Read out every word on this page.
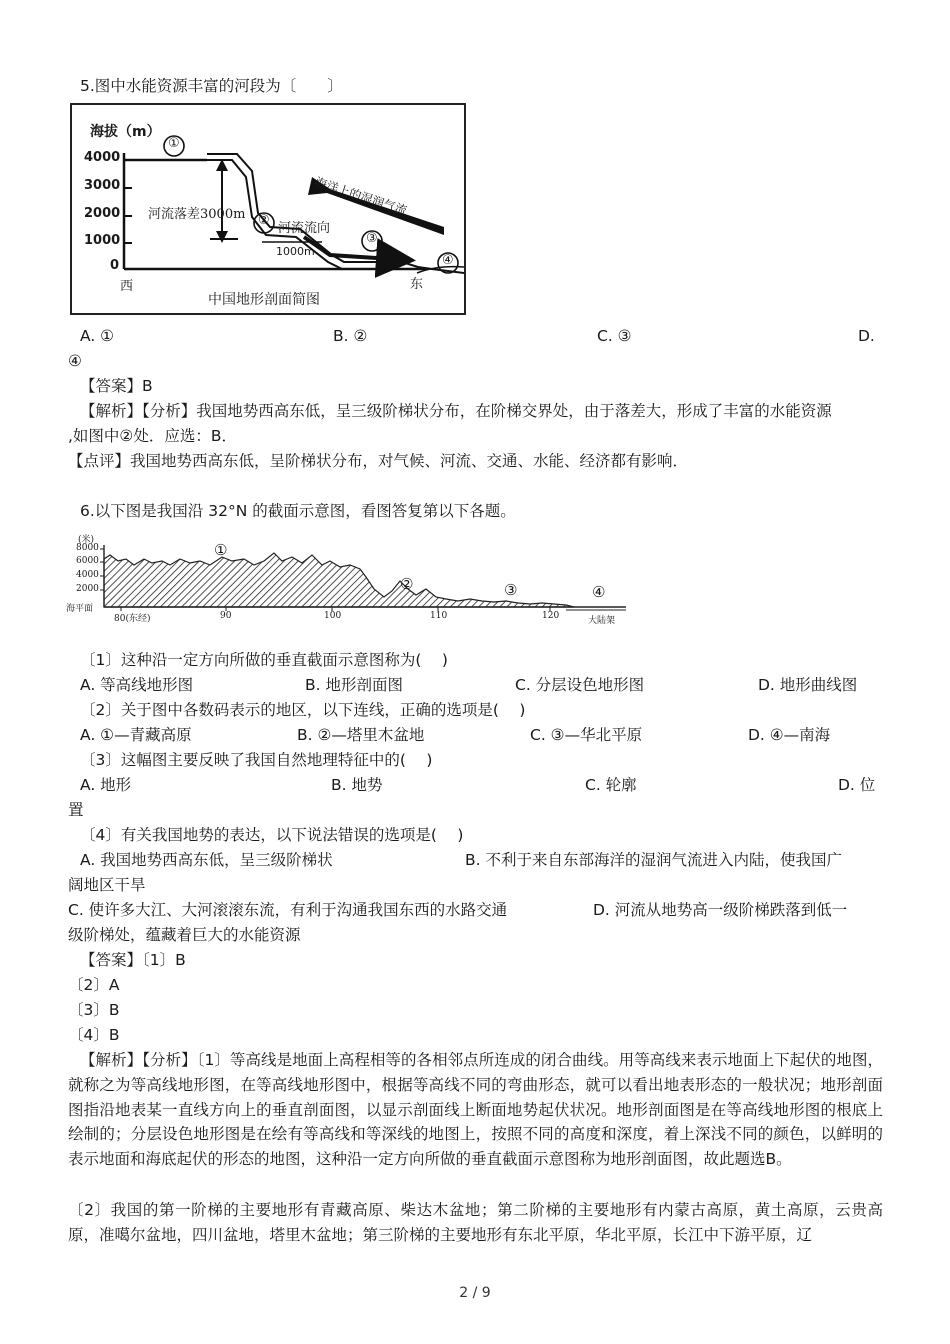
5.图中水能资源丰富的河段为〔　　〕
海拔（m）
4000
3000
2000
1000
0
①
②
③
④
河流落差3000m
河流流向
海洋上的湿润气流
1000m
西	东
中国地形剖面简图
A. ①	B. ②	C. ③	D.
④
【答案】B
【解析】【分析】我国地势西高东低，呈三级阶梯状分布，在阶梯交界处，由于落差大，形成了丰富的水能资源
,如图中②处．应选：B．
【点评】我国地势西高东低，呈阶梯状分布，对气候、河流、交通、水能、经济都有影响．
6.以下图是我国沿 32°N 的截面示意图，看图答复第以下各题。
(米)
8000
6000
4000
2000
海平面
80(东经)	90	100	110	120	大陆架
①
②	③	④
〔1〕这种沿一定方向所做的垂直截面示意图称为(　 )
A. 等高线地形图	B. 地形剖面图	C. 分层设色地形图	D. 地形曲线图
〔2〕关于图中各数码表示的地区，以下连线，正确的选项是(　 )
A. ①—青藏高原	B. ②—塔里木盆地	C. ③—华北平原	D. ④—南海
〔3〕这幅图主要反映了我国自然地理特征中的(　 )
A. 地形	B. 地势	C. 轮廓	D. 位
置
〔4〕有关我国地势的表达，以下说法错误的选项是(　 )
A. 我国地势西高东低，呈三级阶梯状	B. 不利于来自东部海洋的湿润气流进入内陆，使我国广
阔地区干旱
C. 使许多大江、大河滚滚东流，有利于沟通我国东西的水路交通	D. 河流从地势高一级阶梯跌落到低一
级阶梯处，蕴藏着巨大的水能资源
【答案】〔1〕B
〔2〕A
〔3〕B
〔4〕B
【解析】【分析】〔1〕等高线是地面上高程相等的各相邻点所连成的闭合曲线。用等高线来表示地面上下起伏的地图，就称之为等高线地形图，在等高线地形图中，根据等高线不同的弯曲形态，就可以看出地表形态的一般状况；地形剖面图指沿地表某一直线方向上的垂直剖面图，以显示剖面线上断面地势起伏状况。地形剖面图是在等高线地形图的根底上绘制的；分层设色地形图是在绘有等高线和等深线的地图上，按照不同的高度和深度，着上深浅不同的颜色，以鲜明的表示地面和海底起伏的形态的地图，这种沿一定方向所做的垂直截面示意图称为地形剖面图，故此题选B。
〔2〕我国的第一阶梯的主要地形有青藏高原、柴达木盆地；第二阶梯的主要地形有内蒙古高原，黄土高原，云贵高原，准噶尔盆地，四川盆地，塔里木盆地；第三阶梯的主要地形有东北平原，华北平原，长江中下游平原，辽
2 / 9
